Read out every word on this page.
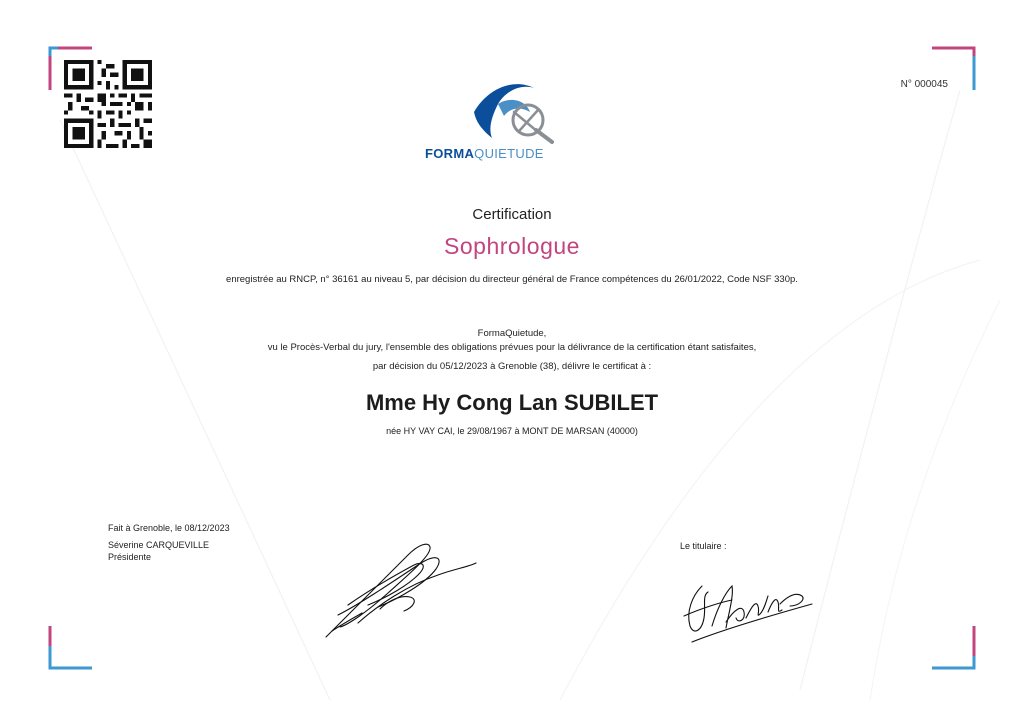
N° 000045
FORMAQUIETUDE
Certification
Sophrologue
enregistrée au RNCP, n° 36161 au niveau 5, par décision du directeur général de France compétences du 26/01/2022, Code NSF 330p.
FormaQuietude,
vu le Procès-Verbal du jury, l'ensemble des obligations prévues pour la délivrance de la certification étant satisfaites,
par décision du 05/12/2023 à Grenoble (38), délivre le certificat à :
Mme Hy Cong Lan SUBILET
née HY VAY CAI, le 29/08/1967 à MONT DE MARSAN (40000)
Fait à Grenoble, le 08/12/2023
Séverine CARQUEVILLE
Présidente
Le titulaire :
